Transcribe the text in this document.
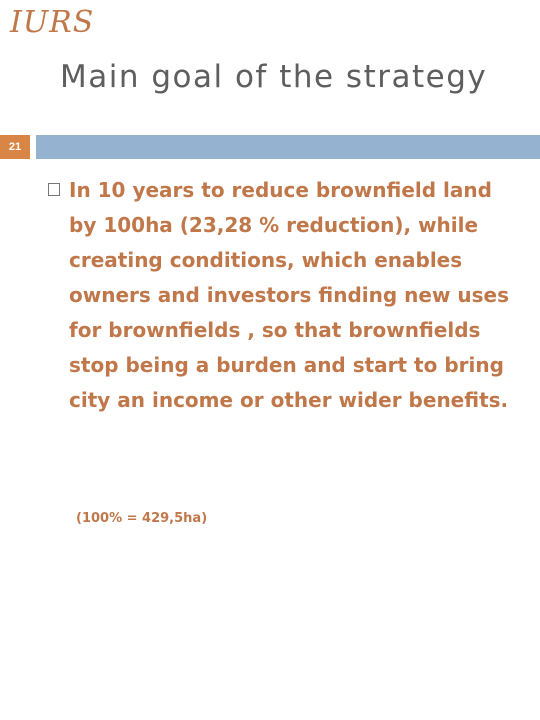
IURS
Main goal of the strategy
21
In 10 years to reduce brownfield land by 100ha (23,28 % reduction), while creating conditions, which enables owners and investors finding new uses for brownfields , so that brownfields stop being a burden and start to bring city an income or other wider benefits.
(100% = 429,5ha)
